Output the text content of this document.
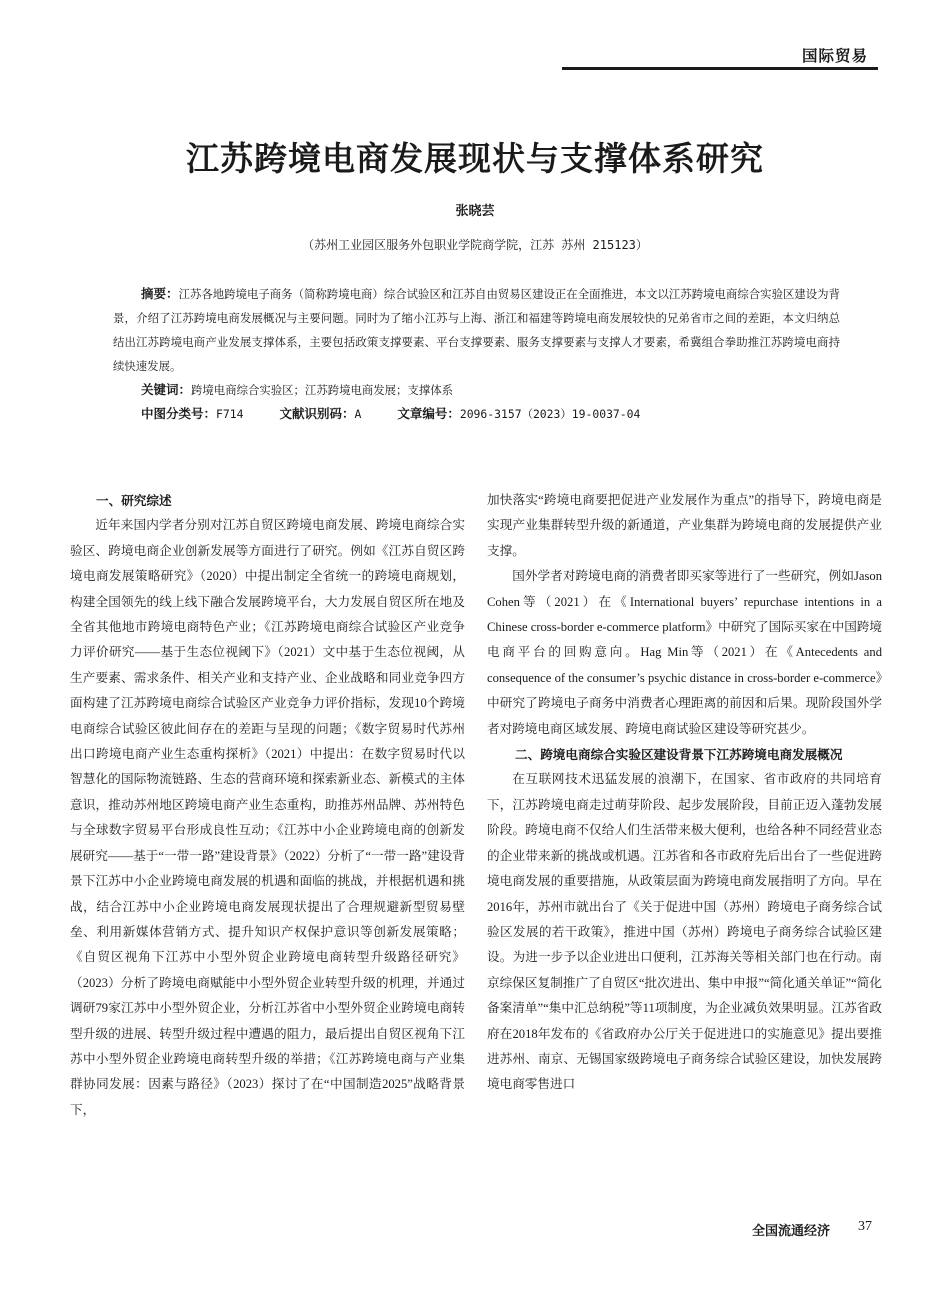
国际贸易
江苏跨境电商发展现状与支撑体系研究
张晓芸
（苏州工业园区服务外包职业学院商学院，江苏 苏州 215123）

摘要：江苏各地跨境电子商务（简称跨境电商）综合试验区和江苏自由贸易区建设正在全面推进，本文以江苏跨境电商综合实验区建设为背景，介绍了江苏跨境电商发展概况与主要问题。同时为了缩小江苏与上海、浙江和福建等跨境电商发展较快的兄弟省市之间的差距，本文归纳总结出江苏跨境电商产业发展支撑体系，主要包括政策支撑要素、平台支撑要素、服务支撑要素与支撑人才要素，希冀组合拳助推江苏跨境电商持续快速发展。

关键词：跨境电商综合实验区；江苏跨境电商发展；支撑体系
中图分类号：F714	文献识别码：A	文章编号：2096-3157（2023）19-0037-04
一、研究综述

近年来国内学者分别对江苏自贸区跨境电商发展、跨境电商综合实验区、跨境电商企业创新发展等方面进行了研究。例如《江苏自贸区跨境电商发展策略研究》（2020）中提出制定全省统一的跨境电商规划，构建全国领先的线上线下融合发展跨境平台，大力发展自贸区所在地及全省其他地市跨境电商特色产业；《江苏跨境电商综合试验区产业竞争力评价研究——基于生态位视阈下》（2021）文中基于生态位视阈，从生产要素、需求条件、相关产业和支持产业、企业战略和同业竞争四方面构建了江苏跨境电商综合试验区产业竞争力评价指标，发现10个跨境电商综合试验区彼此间存在的差距与呈现的问题；《数字贸易时代苏州出口跨境电商产业生态重构探析》（2021）中提出：在数字贸易时代以智慧化的国际物流链路、生态的营商环境和探索新业态、新模式的主体意识，推动苏州地区跨境电商产业生态重构，助推苏州品牌、苏州特色与全球数字贸易平台形成良性互动；《江苏中小企业跨境电商的创新发展研究——基于“一带一路”建设背景》（2022）分析了“一带一路”建设背景下江苏中小企业跨境电商发展的机遇和面临的挑战，并根据机遇和挑战，结合江苏中小企业跨境电商发展现状提出了合理规避新型贸易壁垒、利用新媒体营销方式、提升知识产权保护意识等创新发展策略；《自贸区视角下江苏中小型外贸企业跨境电商转型升级路径研究》（2023）分析了跨境电商赋能中小型外贸企业转型升级的机理，并通过调研79家江苏中小型外贸企业，分析江苏省中小型外贸企业跨境电商转型升级的进展、转型升级过程中遭遇的阻力，最后提出自贸区视角下江苏中小型外贸企业跨境电商转型升级的举措；《江苏跨境电商与产业集群协同发展：因素与路径》（2023）探讨了在“中国制造2025”战略背景下，

加快落实“跨境电商要把促进产业发展作为重点”的指导下，跨境电商是实现产业集群转型升级的新通道，产业集群为跨境电商的发展提供产业支撑。

国外学者对跨境电商的消费者即买家等进行了一些研究，例如Jason Cohen等（2021）在《International buyers’ repurchase intentions in a Chinese cross-border e-commerce platform》中研究了国际买家在中国跨境电商平台的回购意向。Hag Min等（2021）在《Antecedents and consequence of the consumer’s psychic distance in cross-border e-commerce》中研究了跨境电子商务中消费者心理距离的前因和后果。现阶段国外学者对跨境电商区域发展、跨境电商试验区建设等研究甚少。

二、跨境电商综合实验区建设背景下江苏跨境电商发展概况

在互联网技术迅猛发展的浪潮下，在国家、省市政府的共同培育下，江苏跨境电商走过萌芽阶段、起步发展阶段，目前正迈入蓬勃发展阶段。跨境电商不仅给人们生活带来极大便利，也给各种不同经营业态的企业带来新的挑战或机遇。江苏省和各市政府先后出台了一些促进跨境电商发展的重要措施，从政策层面为跨境电商发展指明了方向。早在2016年，苏州市就出台了《关于促进中国（苏州）跨境电子商务综合试验区发展的若干政策》，推进中国（苏州）跨境电子商务综合试验区建设。为进一步予以企业进出口便利，江苏海关等相关部门也在行动。南京综保区复制推广了自贸区“批次进出、集中申报”“简化通关单证”“简化备案清单”“集中汇总纳税”等11项制度，为企业减负效果明显。江苏省政府在2018年发布的《省政府办公厅关于促进进口的实施意见》提出要推进苏州、南京、无锡国家级跨境电子商务综合试验区建设，加快发展跨境电商零售进口

全国流通经济 37
